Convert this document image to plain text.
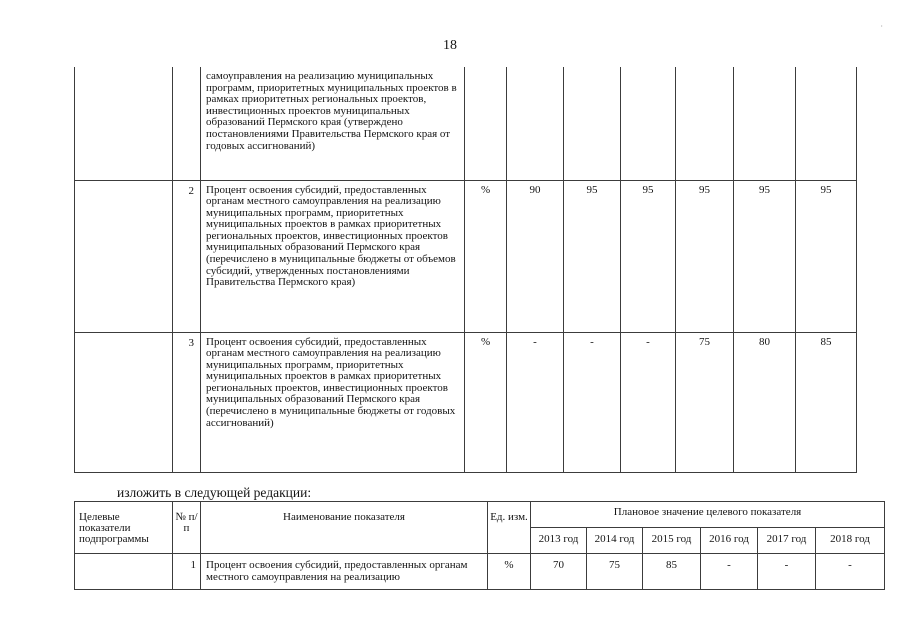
18
·
		самоуправления на реализацию муниципальных программ, приоритетных муниципальных проектов в рамках приоритетных региональных проектов, инвестиционных проектов муниципальных образований Пермского края (утверждено постановлениями Правительства Пермского края от годовых ассигнований)							
	2	Процент освоения субсидий, предоставленных органам местного самоуправления на реализацию муниципальных программ, приоритетных муниципальных проектов в рамках приоритетных региональных проектов, инвестиционных проектов муниципальных образований Пермского края (перечислено в муниципальные бюджеты от объемов субсидий, утвержденных постановлениями Правительства Пермского края)	%	90	95	95	95	95	95
	3	Процент освоения субсидий, предоставленных органам местного самоуправления на реализацию муниципальных программ, приоритетных муниципальных проектов в рамках приоритетных региональных проектов, инвестиционных проектов муниципальных образований Пермского края (перечислено в муниципальные бюджеты от годовых ассигнований)	%	-	-	-	75	80	85
изложить в следующей редакции:
Целевые показатели подпрограммы	№ п/п	Наименование показателя	Ед. изм.	Плановое значение целевого показателя					
				2013 год	2014 год	2015 год	2016 год	2017 год	2018 год
	1	Процент освоения субсидий, предоставленных органам местного самоуправления на реализацию	%	70	75	85	-	-	-
